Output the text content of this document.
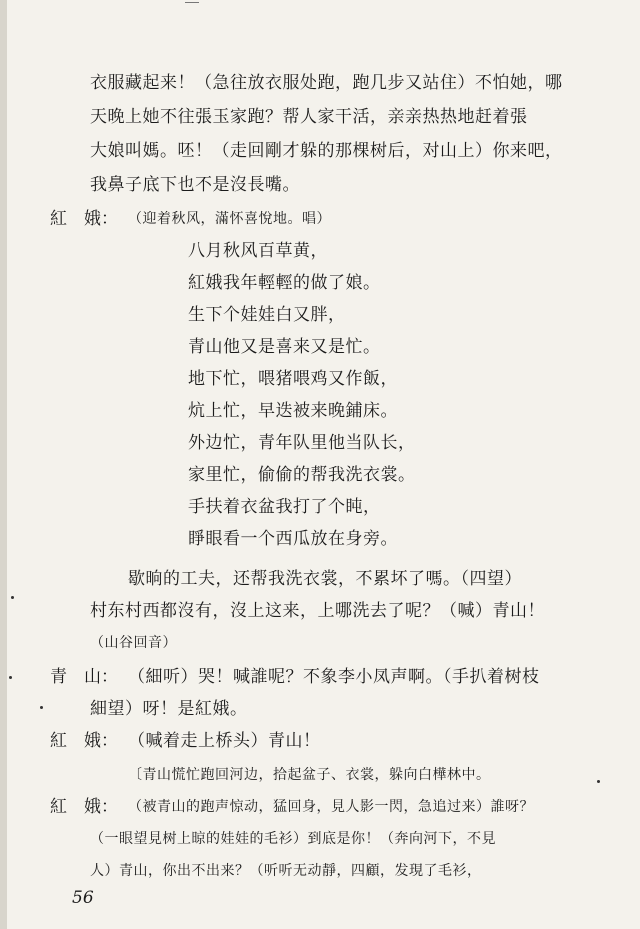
衣服藏起来！（急往放衣服处跑，跑几步又站住）不怕她，哪
天晚上她不往張玉家跑？帮人家干活，亲亲热热地赶着張
大娘叫媽。呸！（走回剛才躲的那棵树后，对山上）你来吧，
我鼻子底下也不是沒長嘴。
紅　娥： （迎着秋风，滿怀喜悅地。唱）
八月秋风百草黄，
紅娥我年輕輕的做了娘。
生下个娃娃白又胖，
青山他又是喜来又是忙。
地下忙，喂猪喂鸡又作飯，
炕上忙，早迭被来晚鋪床。
外边忙，青年队里他当队长，
家里忙，偷偷的帮我洗衣裳。
手扶着衣盆我打了个盹，
睜眼看一个西瓜放在身旁。
歇晌的工夫，还帮我洗衣裳，不累坏了嗎。（四望）
村东村西都沒有，沒上这来，上哪洗去了呢？（喊）青山！
（山谷回音）
青　山： （細听）哭！喊誰呢？不象李小凤声啊。（手扒着树枝
細望）呀！是紅娥。
紅　娥： （喊着走上桥头）青山！
〔青山慌忙跑回河边，拾起盆子、衣裳，躲向白樺林中。
紅　娥： （被青山的跑声惊动，猛回身，見人影一閃，急追过来）誰呀？
（一眼望見树上晾的娃娃的毛衫）到底是你！（奔向河下，不見
人）青山，你出不出来？（听听无动靜，四顧，发現了毛衫，
56
